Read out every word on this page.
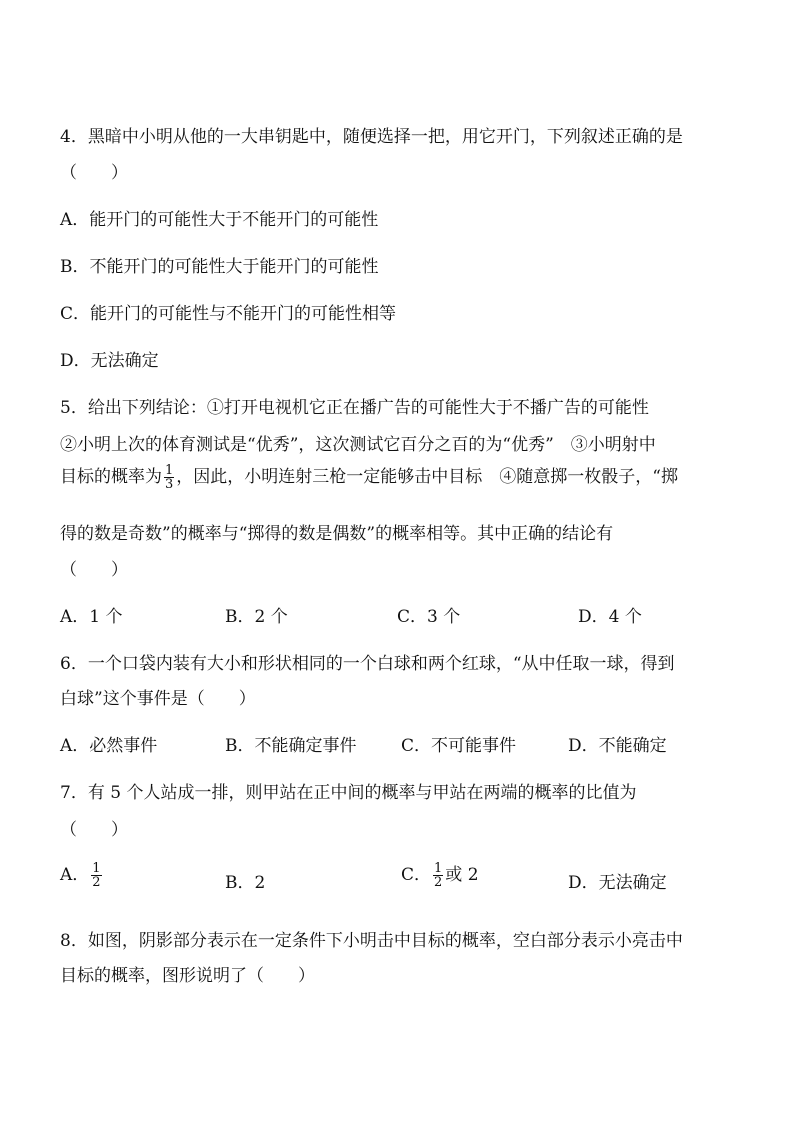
4．黑暗中小明从他的一大串钥匙中，随便选择一把，用它开门，下列叙述正确的是
（　　）
A．能开门的可能性大于不能开门的可能性
B．不能开门的可能性大于能开门的可能性
C．能开门的可能性与不能开门的可能性相等
D．无法确定
5．给出下列结论：①打开电视机它正在播广告的可能性大于不播广告的可能性
②小明上次的体育测试是“优秀”，这次测试它百分之百的为“优秀”　③小明射中
目标的概率为 $\frac{1}{3}$ ，因此，小明连射三枪一定能够击中目标　④随意掷一枚骰子，“掷
得的数是奇数”的概率与“掷得的数是偶数”的概率相等。其中正确的结论有
（　　）
A．1 个	B．2 个	C．3 个	D．4 个
6．一个口袋内装有大小和形状相同的一个白球和两个红球，“从中任取一球，得到
白球”这个事件是（　　）
A．必然事件	B．不能确定事件	C．不可能事件	D．不能确定
7．有 5 个人站成一排，则甲站在正中间的概率与甲站在两端的概率的比值为
（　　）
A． $\frac{1}{2}$	B．2	C． $\frac{1}{2}$ 或 2	D．无法确定
8．如图，阴影部分表示在一定条件下小明击中目标的概率，空白部分表示小亮击中
目标的概率，图形说明了（　　）
